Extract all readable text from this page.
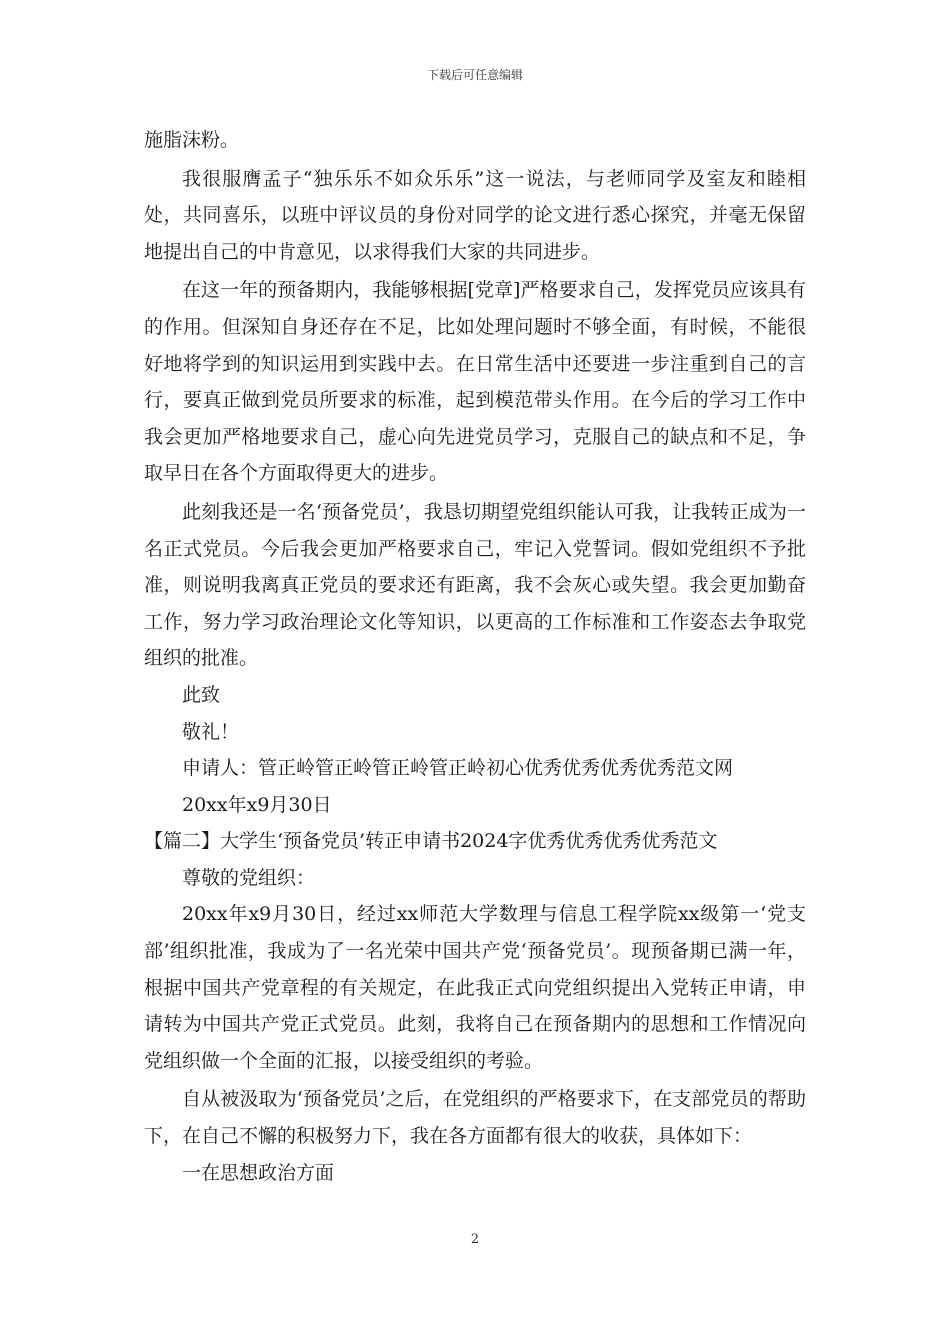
下载后可任意编辑

施脂沫粉。

我很服膺孟子“独乐乐不如众乐乐”这一说法，与老师同学及室友和睦相处，共同喜乐，以班中评议员的身份对同学的论文进行悉心探究，并毫无保留地提出自己的中肯意见，以求得我们大家的共同进步。

在这一年的预备期内，我能够根据[党章]严格要求自己，发挥党员应该具有的作用。但深知自身还存在不足，比如处理问题时不够全面，有时候，不能很好地将学到的知识运用到实践中去。在日常生活中还要进一步注重到自己的言行，要真正做到党员所要求的标准，起到模范带头作用。在今后的学习工作中我会更加严格地要求自己，虚心向先进党员学习，克服自己的缺点和不足，争取早日在各个方面取得更大的进步。

此刻我还是一名‘预备党员’，我恳切期望党组织能认可我，让我转正成为一名正式党员。今后我会更加严格要求自己，牢记入党誓词。假如党组织不予批准，则说明我离真正党员的要求还有距离，我不会灰心或失望。我会更加勤奋工作，努力学习政治理论文化等知识，以更高的工作标准和工作姿态去争取党组织的批准。

此致

敬礼！

申请人：管正岭管正岭管正岭管正岭初心优秀优秀优秀优秀范文网

20xx年x9月30日

【篇二】大学生‘预备党员’转正申请书2024字优秀优秀优秀优秀范文

尊敬的党组织：

20xx年x9月30日，经过xx师范大学数理与信息工程学院xx级第一‘党支部’组织批准，我成为了一名光荣中国共产党‘预备党员’。现预备期已满一年，根据中国共产党章程的有关规定，在此我正式向党组织提出入党转正申请，申请转为中国共产党正式党员。此刻，我将自己在预备期内的思想和工作情况向党组织做一个全面的汇报，以接受组织的考验。

自从被汲取为‘预备党员’之后，在党组织的严格要求下，在支部党员的帮助下，在自己不懈的积极努力下，我在各方面都有很大的收获，具体如下：

一在思想政治方面

2
